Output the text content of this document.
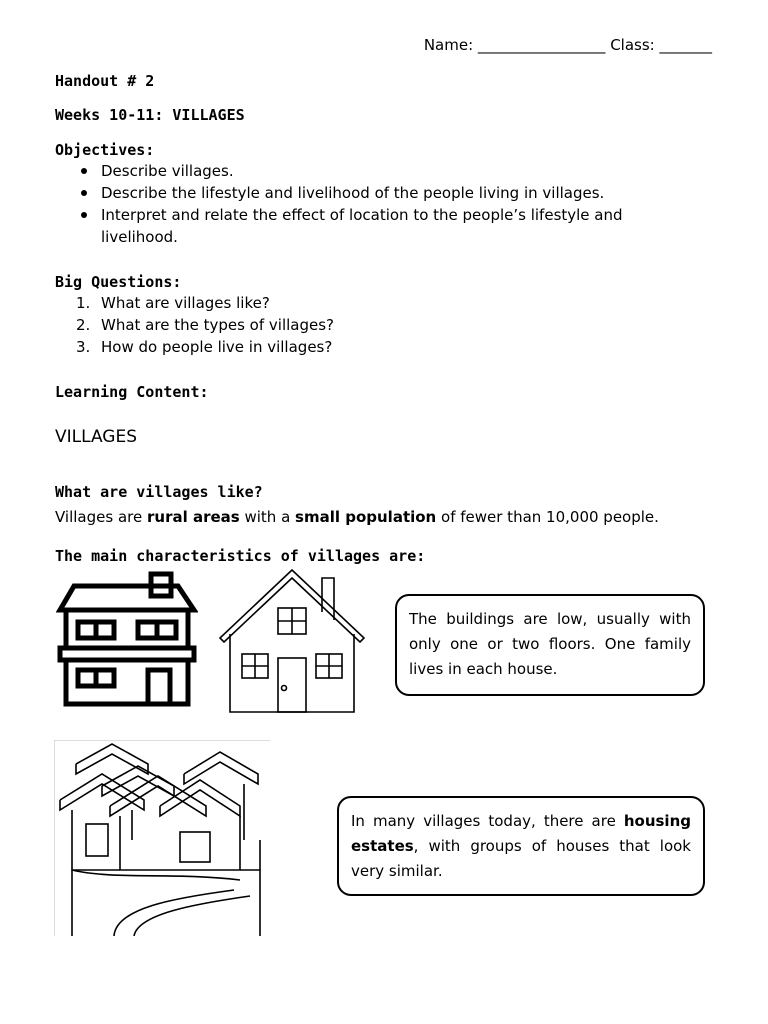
Name: _________________ Class: _______

Handout # 2

Weeks 10-11: VILLAGES

Objectives:

Describe villages.
Describe the lifestyle and livelihood of the people living in villages.
Interpret and relate the effect of location to the people’s lifestyle and livelihood.

Big Questions:

1. What are villages like?
2. What are the types of villages?
3. How do people live in villages?

Learning Content:

VILLAGES

What are villages like?

Villages are rural areas with a small population of fewer than 10,000 people.

The main characteristics of villages are:

The buildings are low, usually with only one or two floors. One family lives in each house.
In many villages today, there are housing estates, with groups of houses that look very similar.
